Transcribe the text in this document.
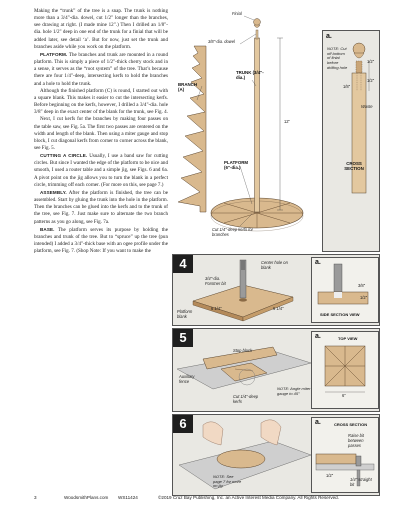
Making the “trunk” of the tree is a snap. The trunk is nothing more than a 3/4"-dia. dowel, cut 1/2" longer than the branches, see drawing at right. (I made mine 12".) Then I drilled an 1/8"-dia. hole 1/2" deep in one end of the trunk for a finial that will be added later, see detail ‘a’. But for now, just set the trunk and branches aside while you work on the platform.

PLATFORM. The branches and trunk are mounted in a round platform. This is simply a piece of 1/2"-thick cherry stock and in a sense, it serves as the “root system” of the tree. That’s because there are four 1/4"-deep, intersecting kerfs to hold the branches and a hole to hold the trunk.

Although the finished platform (C) is round, I started out with a square blank. This makes it easier to cut the intersecting kerfs. Before beginning on the kerfs, however, I drilled a 3/4"-dia. hole 3/8" deep in the exact center of the blank for the trunk, see Fig. 4.

Next, I cut kerfs for the branches by making four passes on the table saw, see Fig. 5a. The first two passes are centered on the width and length of the blank. Then using a miter gauge and stop block, I cut diagonal kerfs from corner to corner across the blank, see Fig. 5.

CUTTING A CIRCLE. Usually, I use a band saw for cutting circles. But since I wanted the edge of the platform to be nice and smooth, I used a router table and a simple jig, see Figs. 6 and 6a. A pivot point on the jig allows you to turn the blank in a perfect circle, trimming off each corner. (For more on this, see page 7.)

ASSEMBLY. After the platform is finished, the tree can be assembled. Start by gluing the trunk into the hole in the platform. Then the branches can be glued into the kerfs and to the trunk of the tree, see Fig. 7. Just make sure to alternate the two branch patterns as you go along, see Fig. 7a.

BASE. The platform serves its purpose by holding the branches and trunk of the tree. But to “spruce” up the tree (pun intended) I added a 3/4"-thick base with an ogee profile under the platform, see Fig. 7. (Shop Note: If you want to make the

Finial
3/8"-dia. dowel
BRANCH (A)
TRUNK (3/4"-dia.)
PLATFORM (6"-dia.)
Cut 1/4"-deep kerfs for branches
12"
a.
NOTE: Cut off bottom of finial before drilling hole
1/2"
1/8"
1/2"
Waste
CROSS SECTION
4	Center hole on blank
3/4"-dia. Forstner bit
6 1/4"	6 1/4"
Platform blank
a.
3/8"
1/2"
SIDE SECTION VIEW
5
Stop block
Auxiliary fence
Cut 1/4"-deep kerfs
NOTE: Angle miter gauge to 45°
a.	TOP VIEW
6"
6
NOTE: See page 7 for more on jig
a.	CROSS SECTION
Raise bit between passes
1/4" straight bit
1/2"
3	WoodsmithPlans.com WS11424	©2019 Cruz Bay Publishing, Inc. an Active Interest Media Company. All Rights Reserved.
